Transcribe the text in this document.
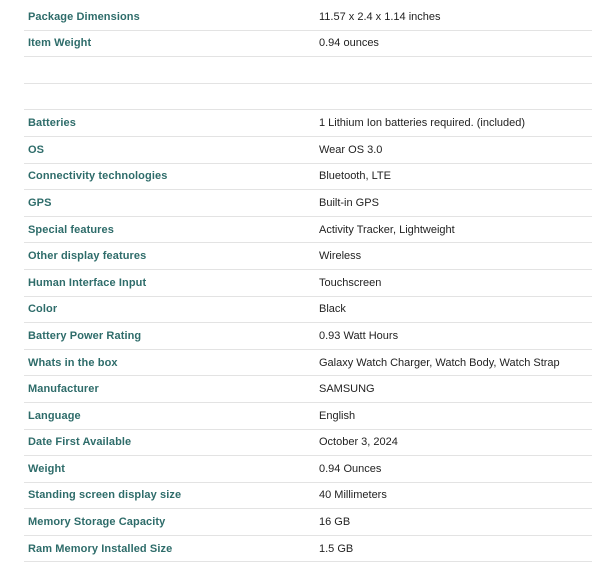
Package Dimensions	11.57 x 2.4 x 1.14 inches
Item Weight	0.94 ounces
Batteries	1 Lithium Ion batteries required. (included)
OS	Wear OS 3.0
Connectivity technologies	Bluetooth, LTE
GPS	Built-in GPS
Special features	Activity Tracker, Lightweight
Other display features	Wireless
Human Interface Input	Touchscreen
Color	Black
Battery Power Rating	0.93 Watt Hours
Whats in the box	Galaxy Watch Charger, Watch Body, Watch Strap
Manufacturer	SAMSUNG
Language	English
Date First Available	October 3, 2024
Weight	0.94 Ounces
Standing screen display size	40 Millimeters
Memory Storage Capacity	16 GB
Ram Memory Installed Size	1.5 GB
